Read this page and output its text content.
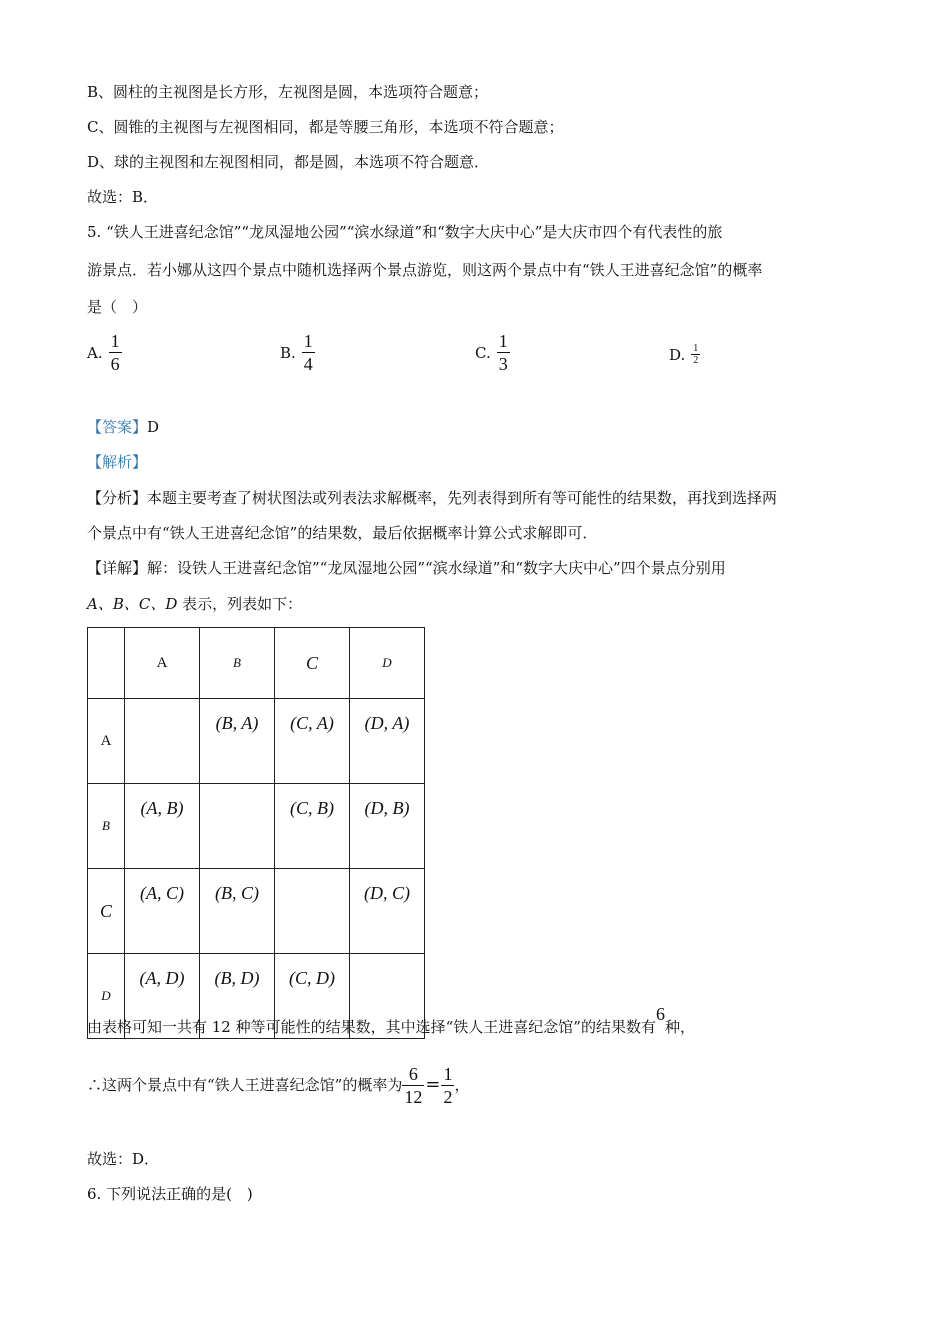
B、圆柱的主视图是长方形，左视图是圆，本选项符合题意；
C、圆锥的主视图与左视图相同，都是等腰三角形，本选项不符合题意；
D、球的主视图和左视图相同，都是圆，本选项不符合题意．
故选：B．
5. “铁人王进喜纪念馆”“龙凤湿地公园”“滨水绿道”和“数字大庆中心”是大庆市四个有代表性的旅
游景点．若小娜从这四个景点中随机选择两个景点游览，则这两个景点中有“铁人王进喜纪念馆”的概率
是（　）
A. $\frac{1}{6}$	B. $\frac{1}{4}$	C. $\frac{1}{3}$	D. $\frac{1}{2}$
【答案】D
【解析】
【分析】本题主要考查了树状图法或列表法求解概率，先列表得到所有等可能性的结果数，再找到选择两
个景点中有“铁人王进喜纪念馆”的结果数，最后依据概率计算公式求解即可．
【详解】解：设铁人王进喜纪念馆”“龙凤湿地公园”“滨水绿道”和“数字大庆中心”四个景点分别用
A、B、C、D 表示，列表如下：
	A	B	C	D
A		(B, A)	(C, A)	(D, A)
B	(A, B)		(C, B)	(D, B)
C	(A, C)	(B, C)		(D, C)
D	(A, D)	(B, D)	(C, D)	
由表格可知一共有 12 种等可能性的结果数，其中选择“铁人王进喜纪念馆”的结果数有6种，
∴这两个景点中有“铁人王进喜纪念馆”的概率为 $\frac{6}{12} = \frac{1}{2}$ ，
故选：D．
6. 下列说法正确的是(　)
